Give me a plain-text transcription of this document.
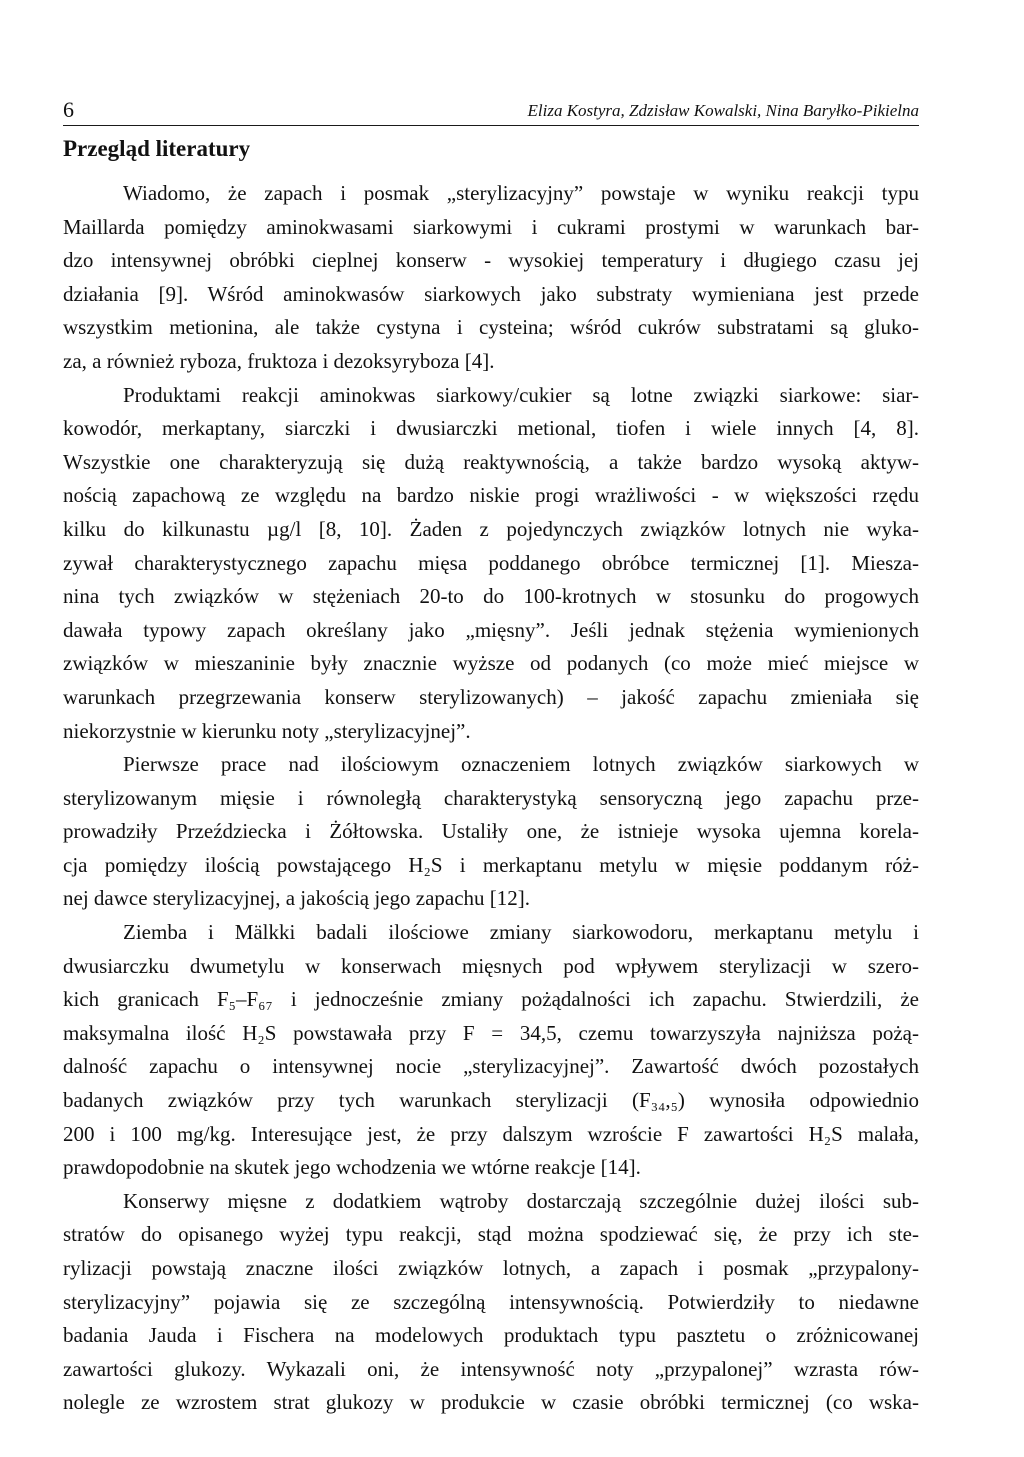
6	Eliza Kostyra, Zdzisław Kowalski, Nina Baryłko-Pikielna
Przegląd literatury
Wiadomo, że zapach i posmak „sterylizacyjny” powstaje w wyniku reakcji typu
Maillarda pomiędzy aminokwasami siarkowymi i cukrami prostymi w warunkach bar-
dzo intensywnej obróbki cieplnej konserw - wysokiej temperatury i długiego czasu jej
działania [9]. Wśród aminokwasów siarkowych jako substraty wymieniana jest przede
wszystkim metionina, ale także cystyna i cysteina; wśród cukrów substratami są gluko-
za, a również ryboza, fruktoza i dezoksyryboza [4].
Produktami reakcji aminokwas siarkowy/cukier są lotne związki siarkowe: siar-
kowodór, merkaptany, siarczki i dwusiarczki metional, tiofen i wiele innych [4, 8].
Wszystkie one charakteryzują się dużą reaktywnością, a także bardzo wysoką aktyw-
nością zapachową ze względu na bardzo niskie progi wrażliwości - w większości rzędu
kilku do kilkunastu µg/l [8, 10]. Żaden z pojedynczych związków lotnych nie wyka-
zywał charakterystycznego zapachu mięsa poddanego obróbce termicznej [1]. Miesza-
nina tych związków w stężeniach 20-to do 100-krotnych w stosunku do progowych
dawała typowy zapach określany jako „mięsny”. Jeśli jednak stężenia wymienionych
związków w mieszaninie były znacznie wyższe od podanych (co może mieć miejsce w
warunkach przegrzewania konserw sterylizowanych) – jakość zapachu zmieniała się
niekorzystnie w kierunku noty „sterylizacyjnej”.
Pierwsze prace nad ilościowym oznaczeniem lotnych związków siarkowych w
sterylizowanym mięsie i równoległą charakterystyką sensoryczną jego zapachu prze-
prowadziły Przeździecka i Żółtowska. Ustaliły one, że istnieje wysoka ujemna korela-
cja pomiędzy ilością powstającego H₂S i merkaptanu metylu w mięsie poddanym róż-
nej dawce sterylizacyjnej, a jakością jego zapachu [12].
Ziemba i Mälkki badali ilościowe zmiany siarkowodoru, merkaptanu metylu i
dwusiarczku dwumetylu w konserwach mięsnych pod wpływem sterylizacji w szero-
kich granicach F₅–F₆₇ i jednocześnie zmiany pożądalności ich zapachu. Stwierdzili, że
maksymalna ilość H₂S powstawała przy F = 34,5, czemu towarzyszyła najniższa pożą-
dalność zapachu o intensywnej nocie „sterylizacyjnej”. Zawartość dwóch pozostałych
badanych związków przy tych warunkach sterylizacji (F₃₄,₅) wynosiła odpowiednio
200 i 100 mg/kg. Interesujące jest, że przy dalszym wzroście F zawartości H₂S malała,
prawdopodobnie na skutek jego wchodzenia we wtórne reakcje [14].
Konserwy mięsne z dodatkiem wątroby dostarczają szczególnie dużej ilości sub-
stratów do opisanego wyżej typu reakcji, stąd można spodziewać się, że przy ich ste-
rylizacji powstają znaczne ilości związków lotnych, a zapach i posmak „przypalony-
sterylizacyjny” pojawia się ze szczególną intensywnością. Potwierdziły to niedawne
badania Jauda i Fischera na modelowych produktach typu pasztetu o zróżnicowanej
zawartości glukozy. Wykazali oni, że intensywność noty „przypalonej” wzrasta rów-
nolegle ze wzrostem strat glukozy w produkcie w czasie obróbki termicznej (co wska-
